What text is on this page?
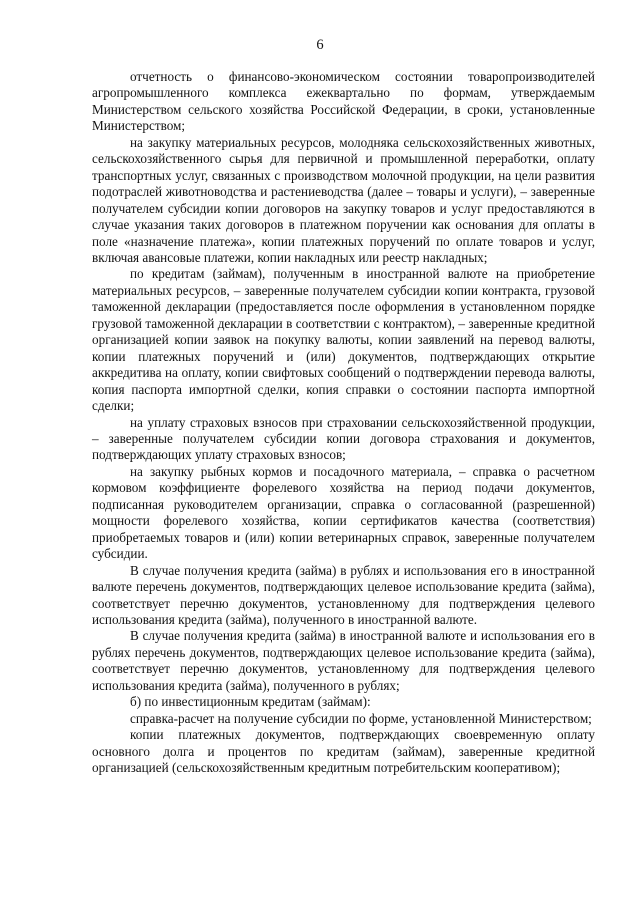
6

отчетность о финансово-экономическом состоянии товаропроизводителей агропромышленного комплекса ежеквартально по формам, утверждаемым Министерством сельского хозяйства Российской Федерации, в сроки, установленные Министерством;

на закупку материальных ресурсов, молодняка сельскохозяйственных животных, сельскохозяйственного сырья для первичной и промышленной переработки, оплату транспортных услуг, связанных с производством молочной продукции, на цели развития подотраслей животноводства и растениеводства (далее – товары и услуги), – заверенные получателем субсидии копии договоров на закупку товаров и услуг предоставляются в случае указания таких договоров в платежном поручении как основания для оплаты в поле «назначение платежа», копии платежных поручений по оплате товаров и услуг, включая авансовые платежи, копии накладных или реестр накладных;

по кредитам (займам), полученным в иностранной валюте на приобретение материальных ресурсов, – заверенные получателем субсидии копии контракта, грузовой таможенной декларации (предоставляется после оформления в установленном порядке грузовой таможенной декларации в соответствии с контрактом), – заверенные кредитной организацией копии заявок на покупку валюты, копии заявлений на перевод валюты, копии платежных поручений и (или) документов, подтверждающих открытие аккредитива на оплату, копии свифтовых сообщений о подтверждении перевода валюты, копия паспорта импортной сделки, копия справки о состоянии паспорта импортной сделки;

на уплату страховых взносов при страховании сельскохозяйственной продукции, – заверенные получателем субсидии копии договора страхования и документов, подтверждающих уплату страховых взносов;

на закупку рыбных кормов и посадочного материала, – справка о расчетном кормовом коэффициенте форелевого хозяйства на период подачи документов, подписанная руководителем организации, справка о согласованной (разрешенной) мощности форелевого хозяйства, копии сертификатов качества (соответствия) приобретаемых товаров и (или) копии ветеринарных справок, заверенные получателем субсидии.

В случае получения кредита (займа) в рублях и использования его в иностранной валюте перечень документов, подтверждающих целевое использование кредита (займа), соответствует перечню документов, установленному для подтверждения целевого использования кредита (займа), полученного в иностранной валюте.

В случае получения кредита (займа) в иностранной валюте и использования его в рублях перечень документов, подтверждающих целевое использование кредита (займа), соответствует перечню документов, установленному для подтверждения целевого использования кредита (займа), полученного в рублях;

б) по инвестиционным кредитам (займам):

справка-расчет на получение субсидии по форме, установленной Министерством;

копии платежных документов, подтверждающих своевременную оплату основного долга и процентов по кредитам (займам), заверенные кредитной организацией (сельскохозяйственным кредитным потребительским кооперативом);
